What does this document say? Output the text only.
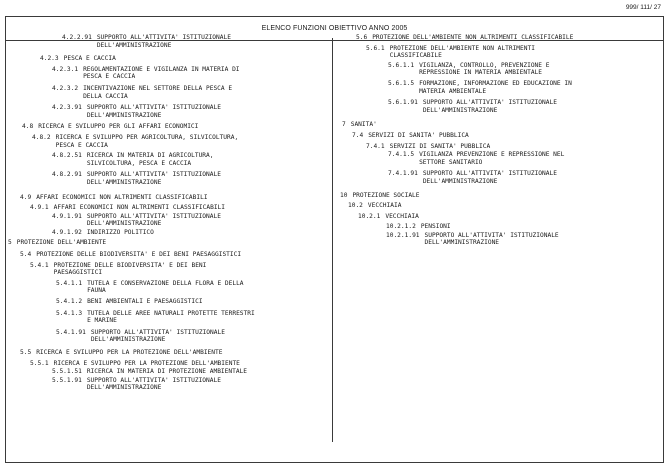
999/ 111/ 27
ELENCO FUNZIONI OBIETTIVO ANNO 2005
4.2.2.91 SUPPORTO ALL'ATTIVITA' ISTITUZIONALE
DELL'AMMINISTRAZIONE
4.2.3 PESCA E CACCIA
4.2.3.1 REGOLAMENTAZIONE E VIGILANZA IN MATERIA DI
PESCA E CACCIA
4.2.3.2 INCENTIVAZIONE NEL SETTORE DELLA PESCA E
DELLA CACCIA
4.2.3.91 SUPPORTO ALL'ATTIVITA' ISTITUZIONALE
DELL'AMMINISTRAZIONE
4.8 RICERCA E SVILUPPO PER GLI AFFARI ECONOMICI
4.8.2 RICERCA E SVILUPPO PER AGRICOLTURA, SILVICOLTURA,
PESCA E CACCIA
4.8.2.51 RICERCA IN MATERIA DI AGRICOLTURA,
SILVICOLTURA, PESCA E CACCIA
4.8.2.91 SUPPORTO ALL'ATTIVITA' ISTITUZIONALE
DELL'AMMINISTRAZIONE
4.9 AFFARI ECONOMICI NON ALTRIMENTI CLASSIFICABILI
4.9.1 AFFARI ECONOMICI NON ALTRIMENTI CLASSIFICABILI
4.9.1.91 SUPPORTO ALL'ATTIVITA' ISTITUZIONALE
DELL'AMMINISTRAZIONE
4.9.1.92 INDIRIZZO POLITICO
5 PROTEZIONE DELL'AMBIENTE
5.4 PROTEZIONE DELLE BIODIVERSITA' E DEI BENI PAESAGGISTICI
5.4.1 PROTEZIONE DELLE BIODIVERSITA' E DEI BENI
PAESAGGISTICI
5.4.1.1 TUTELA E CONSERVAZIONE DELLA FLORA E DELLA
FAUNA
5.4.1.2 BENI AMBIENTALI E PAESAGGISTICI
5.4.1.3 TUTELA DELLE AREE NATURALI PROTETTE TERRESTRI
E MARINE
5.4.1.91 SUPPORTO ALL'ATTIVITA' ISTITUZIONALE
DELL'AMMINISTRAZIONE
5.5 RICERCA E SVILUPPO PER LA PROTEZIONE DELL'AMBIENTE
5.5.1 RICERCA E SVILUPPO PER LA PROTEZIONE DELL'AMBIENTE
5.5.1.51 RICERCA IN MATERIA DI PROTEZIONE AMBIENTALE
5.5.1.91 SUPPORTO ALL'ATTIVITA' ISTITUZIONALE
DELL'AMMINISTRAZIONE
5.6 PROTEZIONE DELL'AMBIENTE NON ALTRIMENTI CLASSIFICABILE
5.6.1 PROTEZIONE DELL'AMBIENTE NON ALTRIMENTI
CLASSIFICABILE
5.6.1.1 VIGILANZA, CONTROLLO, PREVENZIONE E
REPRESSIONE IN MATERIA AMBIENTALE
5.6.1.5 FORMAZIONE, INFORMAZIONE ED EDUCAZIONE IN
MATERIA AMBIENTALE
5.6.1.91 SUPPORTO ALL'ATTIVITA' ISTITUZIONALE
DELL'AMMINISTRAZIONE
7 SANITA'
7.4 SERVIZI DI SANITA' PUBBLICA
7.4.1 SERVIZI DI SANITA' PUBBLICA
7.4.1.5 VIGILANZA PREVENZIONE E REPRESSIONE NEL
SETTORE SANITARIO
7.4.1.91 SUPPORTO ALL'ATTIVITA' ISTITUZIONALE
DELL'AMMINISTRAZIONE
10 PROTEZIONE SOCIALE
10.2 VECCHIAIA
10.2.1 VECCHIAIA
10.2.1.2 PENSIONI
10.2.1.91 SUPPORTO ALL'ATTIVITA' ISTITUZIONALE
DELL'AMMINISTRAZIONE
